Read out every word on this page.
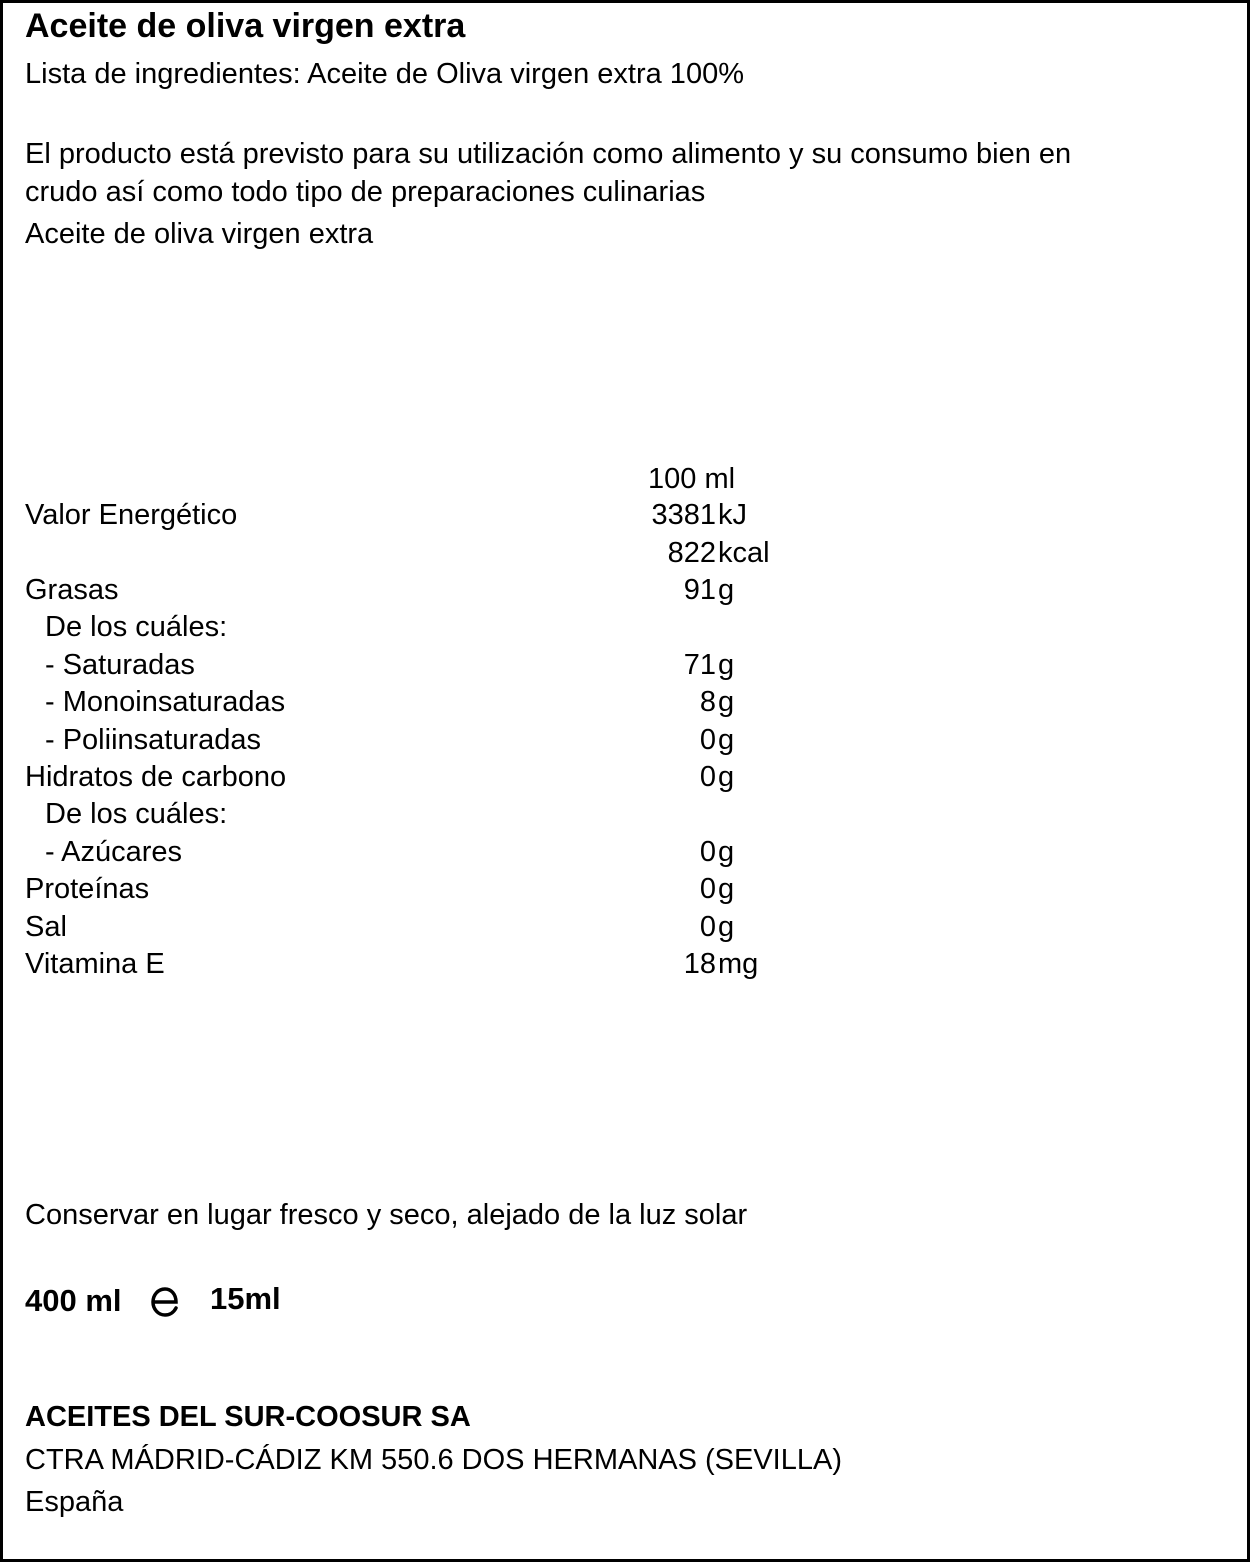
Aceite de oliva virgen extra
Lista de ingredientes: Aceite de Oliva virgen extra 100%
El producto está previsto para su utilización como alimento y su consumo bien en
crudo así como todo tipo de preparaciones culinarias
Aceite de oliva virgen extra
100 ml
Valor Energético	3381 kJ
822 kcal
Grasas	91 g
De los cuáles:
- Saturadas	71 g
- Monoinsaturadas	8 g
- Poliinsaturadas	0 g
Hidratos de carbono	0 g
De los cuáles:
- Azúcares	0 g
Proteínas	0 g
Sal	0 g
Vitamina E	18 mg
Conservar en lugar fresco y seco, alejado de la luz solar
400 ml	15ml
ACEITES DEL SUR-COOSUR SA
CTRA MÁDRID-CÁDIZ KM 550.6 DOS HERMANAS (SEVILLA)
España
